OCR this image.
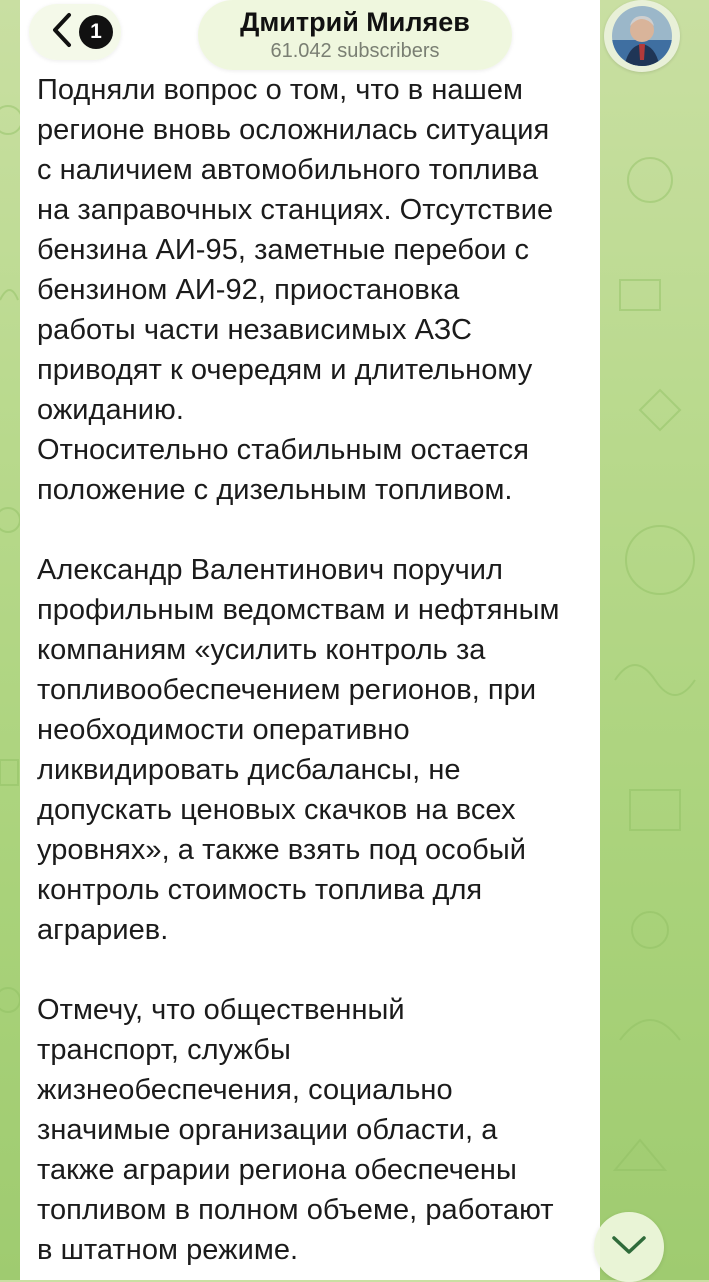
Подняли вопрос о том, что в нашем
регионе вновь осложнилась ситуация
с наличием автомобильного топлива
на заправочных станциях. Отсутствие
бензина АИ-95, заметные перебои с
бензином АИ-92, приостановка
работы части независимых АЗС
приводят к очередям и длительному
ожиданию.
Относительно стабильным остается
положение с дизельным топливом.

Александр Валентинович поручил
профильным ведомствам и нефтяным
компаниям «усилить контроль за
топливообеспечением регионов, при
необходимости оперативно
ликвидировать дисбалансы, не
допускать ценовых скачков на всех
уровнях», а также взять под особый
контроль стоимость топлива для
аграриев.

Отмечу, что общественный
транспорт, службы
жизнеобеспечения, социально
значимые организации области, а
также аграрии региона обеспечены
топливом в полном объеме, работают
в штатном режиме.
1	Дмитрий Миляев
61.042 subscribers
